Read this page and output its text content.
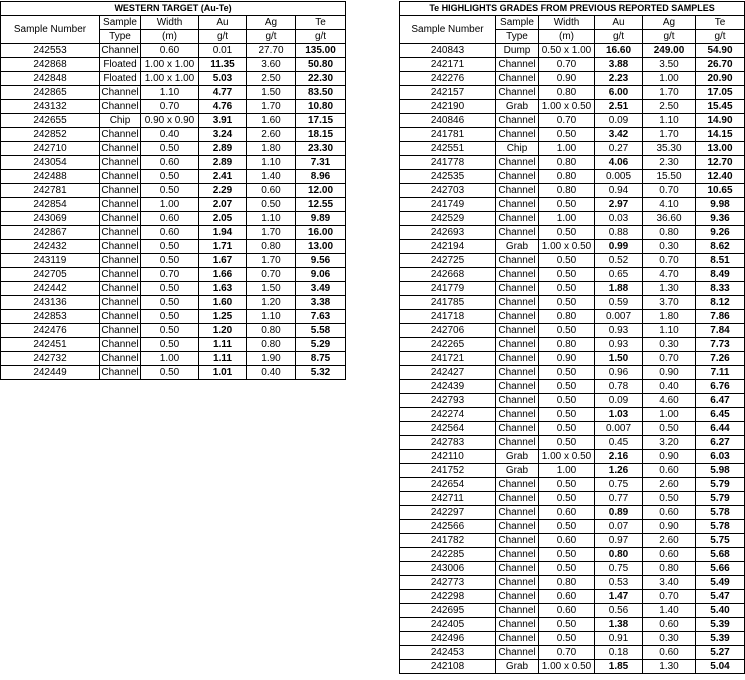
WESTERN TARGET (Au-Te)					
Sample Number	Sample	Width	Au	Ag	Te
	Type	(m)	g/t	g/t	g/t
242553	Channel	0.60	0.01	27.70	135.00
242868	Floated	1.00 x 1.00	11.35	3.60	50.80
242848	Floated	1.00 x 1.00	5.03	2.50	22.30
242865	Channel	1.10	4.77	1.50	83.50
243132	Channel	0.70	4.76	1.70	10.80
242655	Chip	0.90 x 0.90	3.91	1.60	17.15
242852	Channel	0.40	3.24	2.60	18.15
242710	Channel	0.50	2.89	1.80	23.30
243054	Channel	0.60	2.89	1.10	7.31
242488	Channel	0.50	2.41	1.40	8.96
242781	Channel	0.50	2.29	0.60	12.00
242854	Channel	1.00	2.07	0.50	12.55
243069	Channel	0.60	2.05	1.10	9.89
242867	Channel	0.60	1.94	1.70	16.00
242432	Channel	0.50	1.71	0.80	13.00
243119	Channel	0.50	1.67	1.70	9.56
242705	Channel	0.70	1.66	0.70	9.06
242442	Channel	0.50	1.63	1.50	3.49
243136	Channel	0.50	1.60	1.20	3.38
242853	Channel	0.50	1.25	1.10	7.63
242476	Channel	0.50	1.20	0.80	5.58
242451	Channel	0.50	1.11	0.80	5.29
242732	Channel	1.00	1.11	1.90	8.75
242449	Channel	0.50	1.01	0.40	5.32
Te HIGHLIGHTS GRADES FROM PREVIOUS REPORTED SAMPLES					
Sample Number	Sample	Width	Au	Ag	Te
	Type	(m)	g/t	g/t	g/t
240843	Dump	0.50 x 1.00	16.60	249.00	54.90
242171	Channel	0.70	3.88	3.50	26.70
242276	Channel	0.90	2.23	1.00	20.90
242157	Channel	0.80	6.00	1.70	17.05
242190	Grab	1.00 x 0.50	2.51	2.50	15.45
240846	Channel	0.70	0.09	1.10	14.90
241781	Channel	0.50	3.42	1.70	14.15
242551	Chip	1.00	0.27	35.30	13.00
241778	Channel	0.80	4.06	2.30	12.70
242535	Channel	0.80	0.005	15.50	12.40
242703	Channel	0.80	0.94	0.70	10.65
241749	Channel	0.50	2.97	4.10	9.98
242529	Channel	1.00	0.03	36.60	9.36
242693	Channel	0.50	0.88	0.80	9.26
242194	Grab	1.00 x 0.50	0.99	0.30	8.62
242725	Channel	0.50	0.52	0.70	8.51
242668	Channel	0.50	0.65	4.70	8.49
241779	Channel	0.50	1.88	1.30	8.33
241785	Channel	0.50	0.59	3.70	8.12
241718	Channel	0.80	0.007	1.80	7.86
242706	Channel	0.50	0.93	1.10	7.84
242265	Channel	0.80	0.93	0.30	7.73
241721	Channel	0.90	1.50	0.70	7.26
242427	Channel	0.50	0.96	0.90	7.11
242439	Channel	0.50	0.78	0.40	6.76
242793	Channel	0.50	0.09	4.60	6.47
242274	Channel	0.50	1.03	1.00	6.45
242564	Channel	0.50	0.007	0.50	6.44
242783	Channel	0.50	0.45	3.20	6.27
242110	Grab	1.00 x 0.50	2.16	0.90	6.03
241752	Grab	1.00	1.26	0.60	5.98
242654	Channel	0.50	0.75	2.60	5.79
242711	Channel	0.50	0.77	0.50	5.79
242297	Channel	0.60	0.89	0.60	5.78
242566	Channel	0.50	0.07	0.90	5.78
241782	Channel	0.60	0.97	2.60	5.75
242285	Channel	0.50	0.80	0.60	5.68
243006	Channel	0.50	0.75	0.80	5.66
242773	Channel	0.80	0.53	3.40	5.49
242298	Channel	0.60	1.47	0.70	5.47
242695	Channel	0.60	0.56	1.40	5.40
242405	Channel	0.50	1.38	0.60	5.39
242496	Channel	0.50	0.91	0.30	5.39
242453	Channel	0.70	0.18	0.60	5.27
242108	Grab	1.00 x 0.50	1.85	1.30	5.04
